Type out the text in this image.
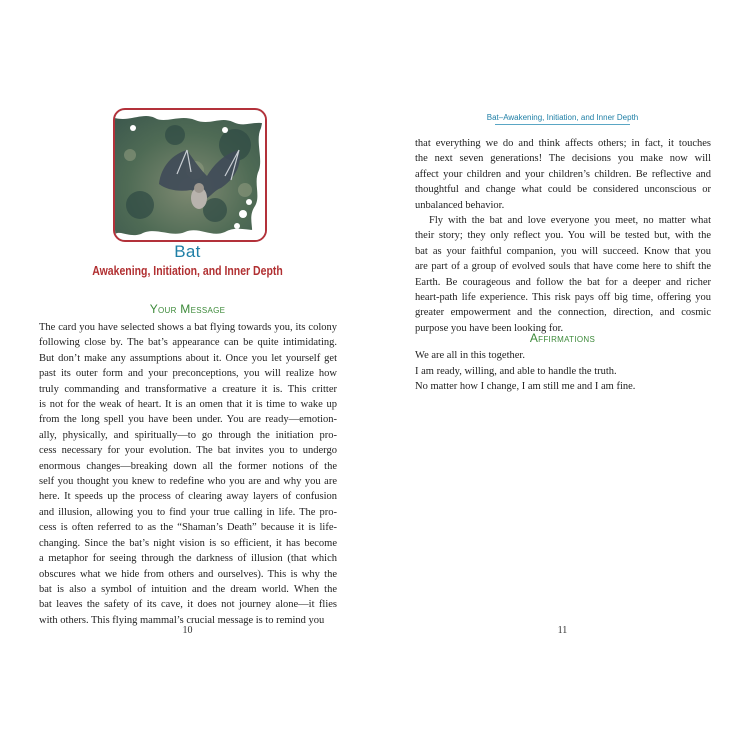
Bat
Awakening, Initiation, and Inner Depth
Your Message
The card you have selected shows a bat flying towards you, its colony
following close by. The bat’s appearance can be quite intimidating.
But don’t make any assumptions about it. Once you let yourself get
past its outer form and your preconceptions, you will realize how
truly commanding and transformative a creature it is. This critter
is not for the weak of heart. It is an omen that it is time to wake up
from the long spell you have been under. You are ready—emotion-
ally, physically, and spiritually—to go through the initiation pro-
cess necessary for your evolution. The bat invites you to undergo
enormous changes—breaking down all the former notions of the
self you thought you knew to redefine who you are and why you are
here. It speeds up the process of clearing away layers of confusion
and illusion, allowing you to find your true calling in life. The pro-
cess is often referred to as the “Shaman’s Death” because it is life-
changing. Since the bat’s night vision is so efficient, it has become
a metaphor for seeing through the darkness of illusion (that which
obscures what we hide from others and ourselves). This is why the
bat is also a symbol of intuition and the dream world. When the
bat leaves the safety of its cave, it does not journey alone—it flies
with others. This flying mammal’s crucial message is to remind you
10
Bat–Awakening, Initiation, and Inner Depth
that everything we do and think affects others; in fact, it touches
the next seven generations! The decisions you make now will
affect your children and your children’s children. Be reflective and
thoughtful and change what could be considered unconscious or
unbalanced behavior.
Fly with the bat and love everyone you meet, no matter what
their story; they only reflect you. You will be tested but, with the
bat as your faithful companion, you will succeed. Know that you
are part of a group of evolved souls that have come here to shift the
Earth. Be courageous and follow the bat for a deeper and richer
heart-path life experience. This risk pays off big time, offering you
greater empowerment and the connection, direction, and cosmic
purpose you have been looking for.
Affirmations
We are all in this together.
I am ready, willing, and able to handle the truth.
No matter how I change, I am still me and I am fine.
11
